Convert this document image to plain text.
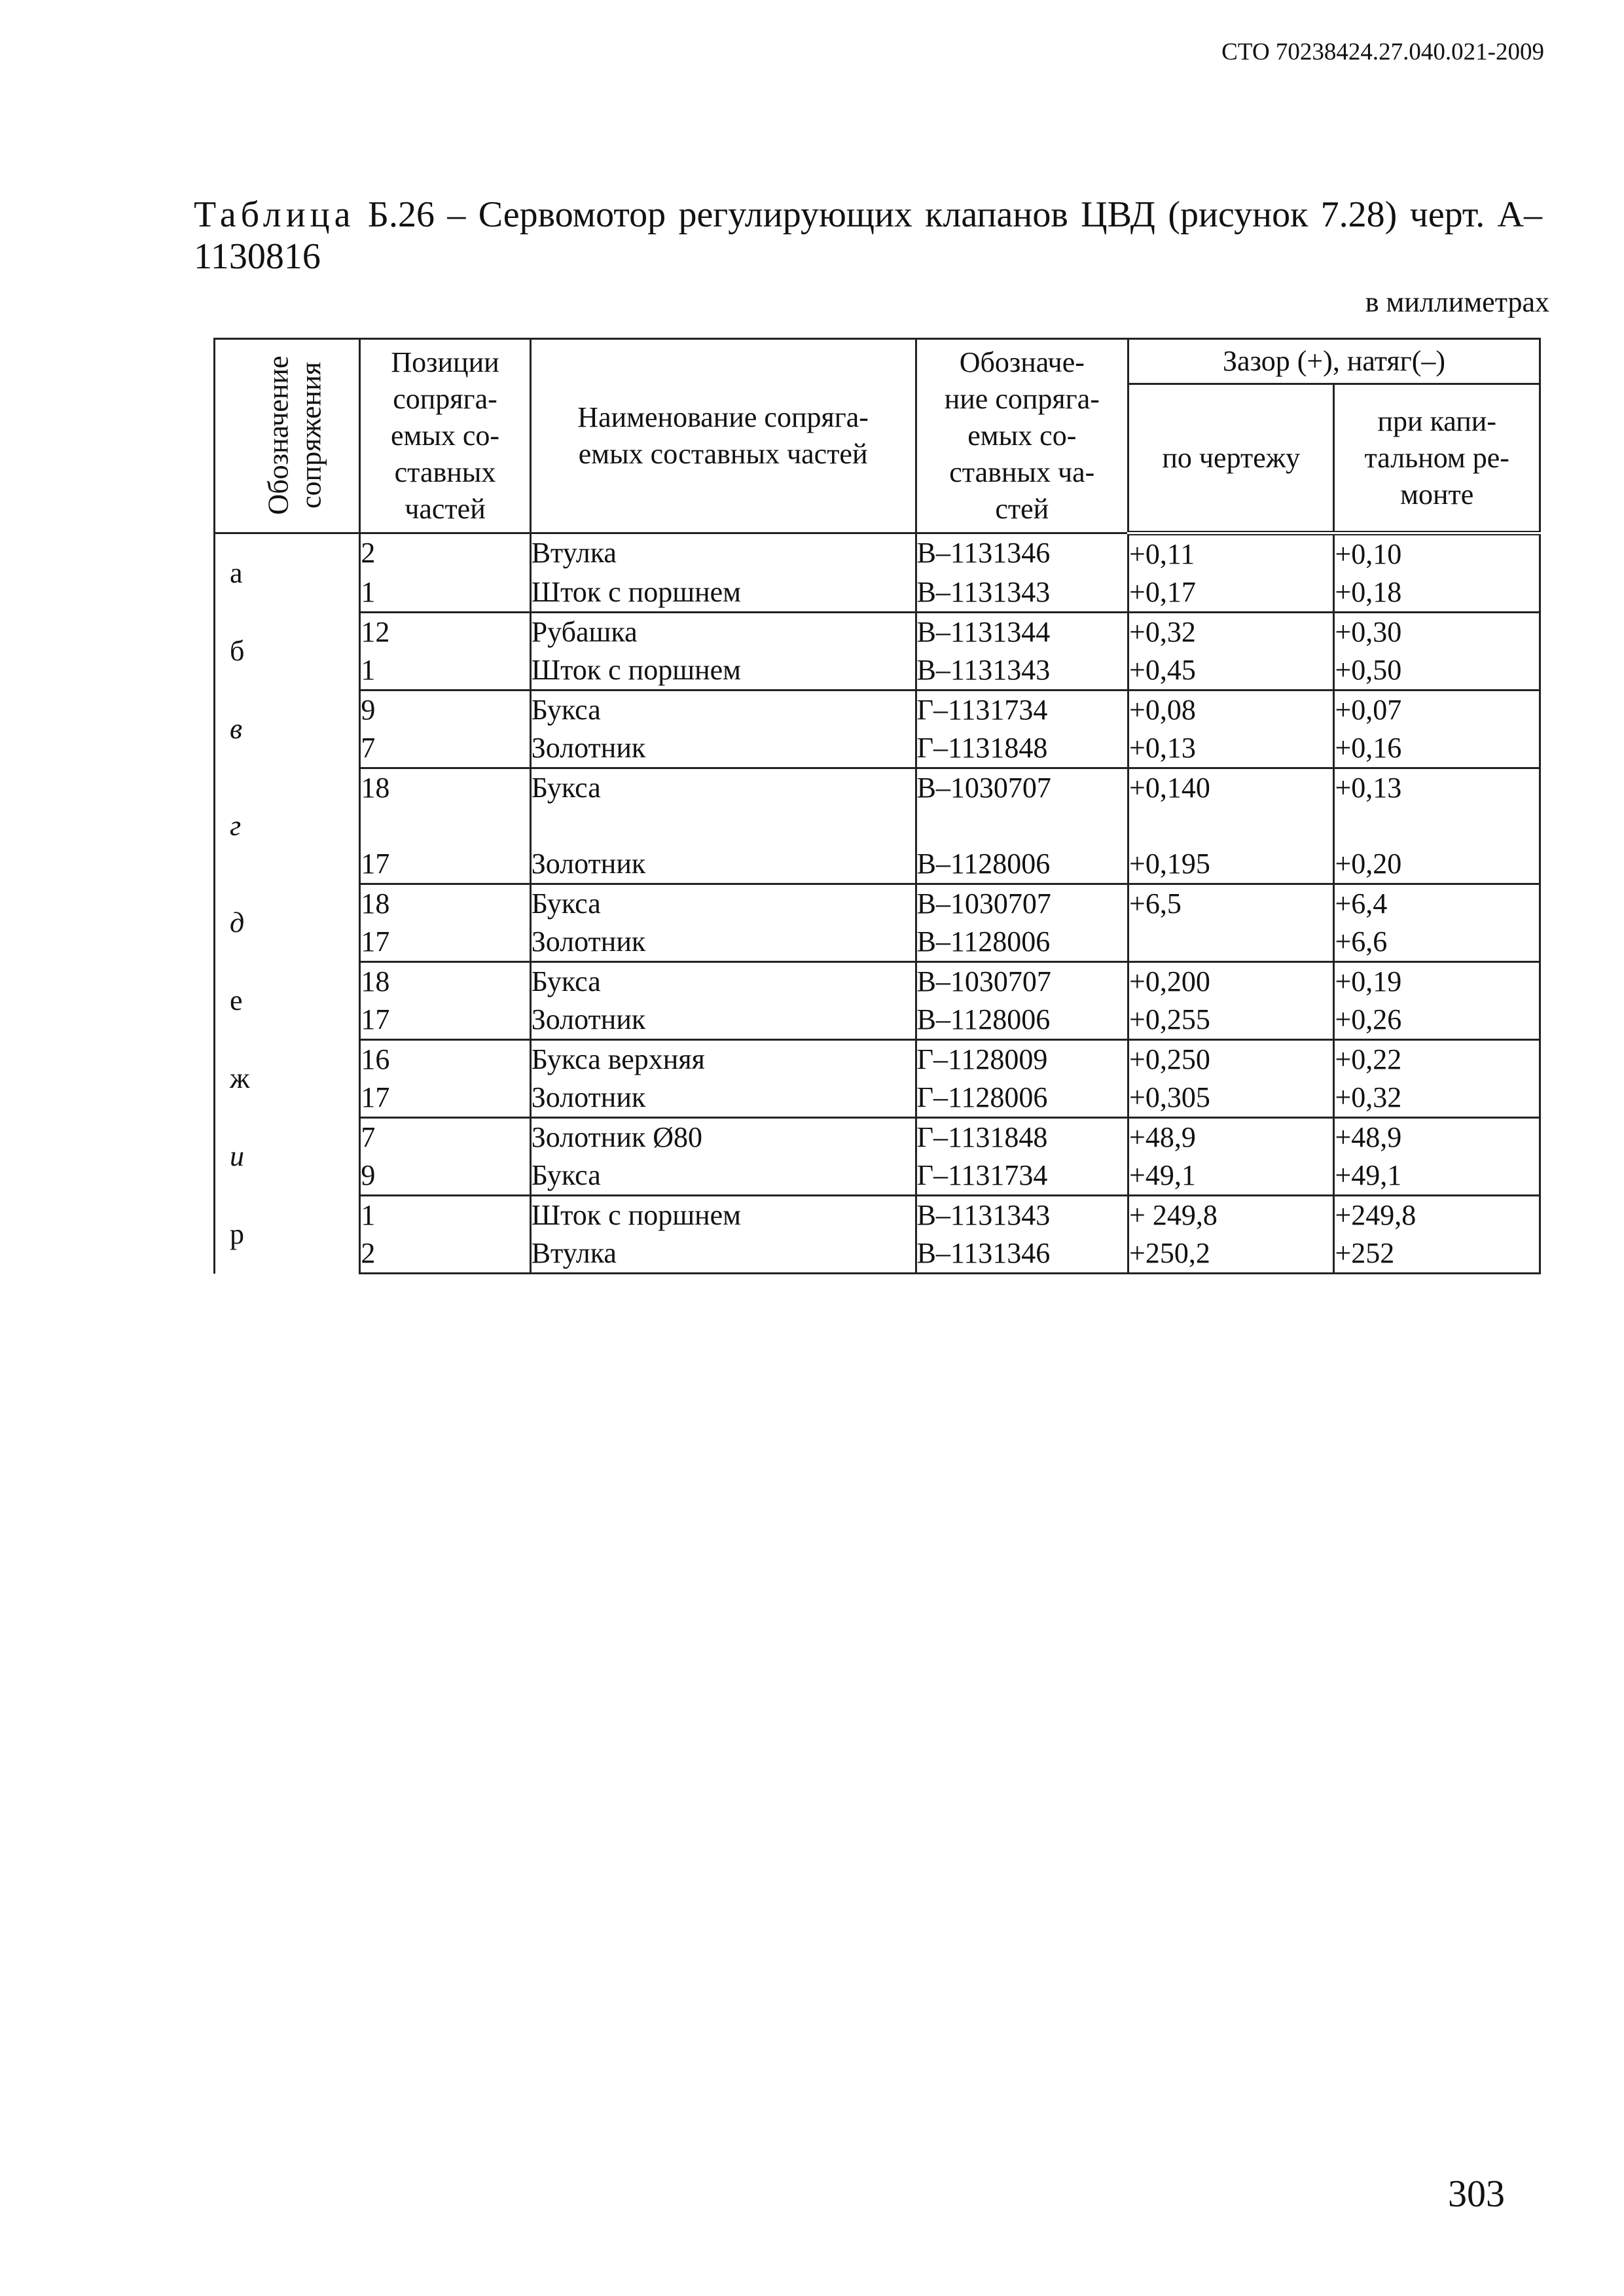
СТО 70238424.27.040.021-2009
Таблица Б.26 – Сервомотор регулирующих клапанов ЦВД (рисунок 7.28) черт. А–1130816
в миллиметрах
Обозначение
сопряжения	Позиции
сопряга-
емых со-
ставных
частей	Наименование сопряга-
емых составных частей	Обозначе-
ние сопряга-
емых со-
ставных ча-
стей	Зазор (+), натяг(–)	
				по чертежу	при капи-
тальном ре-
монте
а	2	Втулка	В–1131346	+0,11	+0,10
	1	Шток с поршнем	В–1131343	+0,17	+0,18
б	12	Рубашка	В–1131344	+0,32	+0,30
	1	Шток с поршнем	В–1131343	+0,45	+0,50
в	9	Букса	Г–1131734	+0,08	+0,07
	7	Золотник	Г–1131848	+0,13	+0,16
г	18	Букса	В–1030707	+0,140	+0,13

	17	Золотник	В–1128006	+0,195	+0,20
д	18	Букса	В–1030707	+6,5	+6,4
	17	Золотник	В–1128006		+6,6
е	18	Букса	В–1030707	+0,200	+0,19
	17	Золотник	В–1128006	+0,255	+0,26
ж	16	Букса верхняя	Г–1128009	+0,250	+0,22
	17	Золотник	Г–1128006	+0,305	+0,32
и	7	Золотник Ø80	Г–1131848	+48,9	+48,9
	9	Букса	Г–1131734	+49,1	+49,1
р	1	Шток с поршнем	В–1131343	+ 249,8	+249,8
	2	Втулка	В–1131346	+250,2	+252
303
